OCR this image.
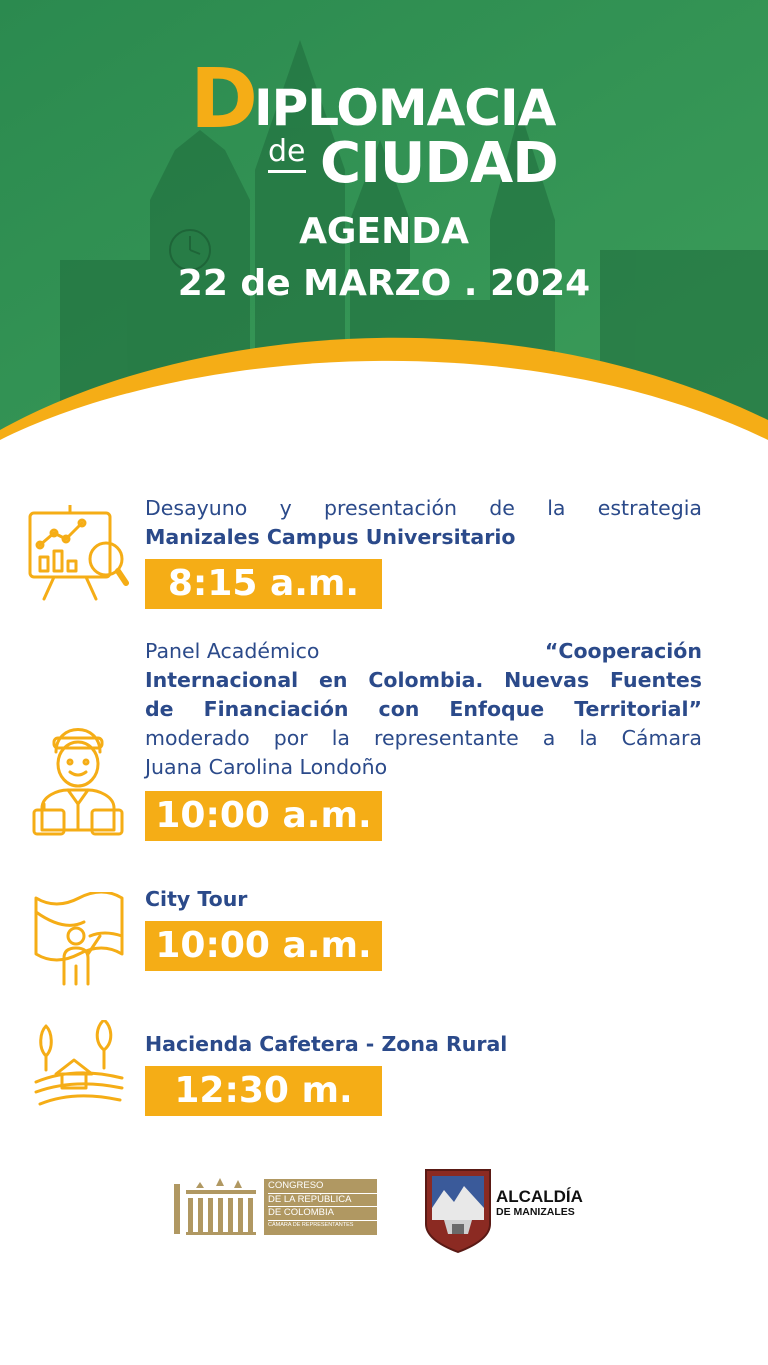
D
IPLOMACIA
de CIUDAD
AGENDA
22 de MARZO . 2024
Desayuno y presentación de la estrategia
Manizales Campus Universitario
8:15 a.m.
Panel Académico	“Cooperación
Internacional en Colombia. Nuevas Fuentes
de Financiación con Enfoque Territorial”
moderado por la representante a la Cámara
Juana Carolina Londoño
10:00 a.m.
City Tour
10:00 a.m.
Hacienda Cafetera - Zona Rural
12:30 m.
CONGRESO
DE LA REPÚBLICA
DE COLOMBIA
CÁMARA DE REPRESENTANTES
ALCALDÍA
DE MANIZALES
